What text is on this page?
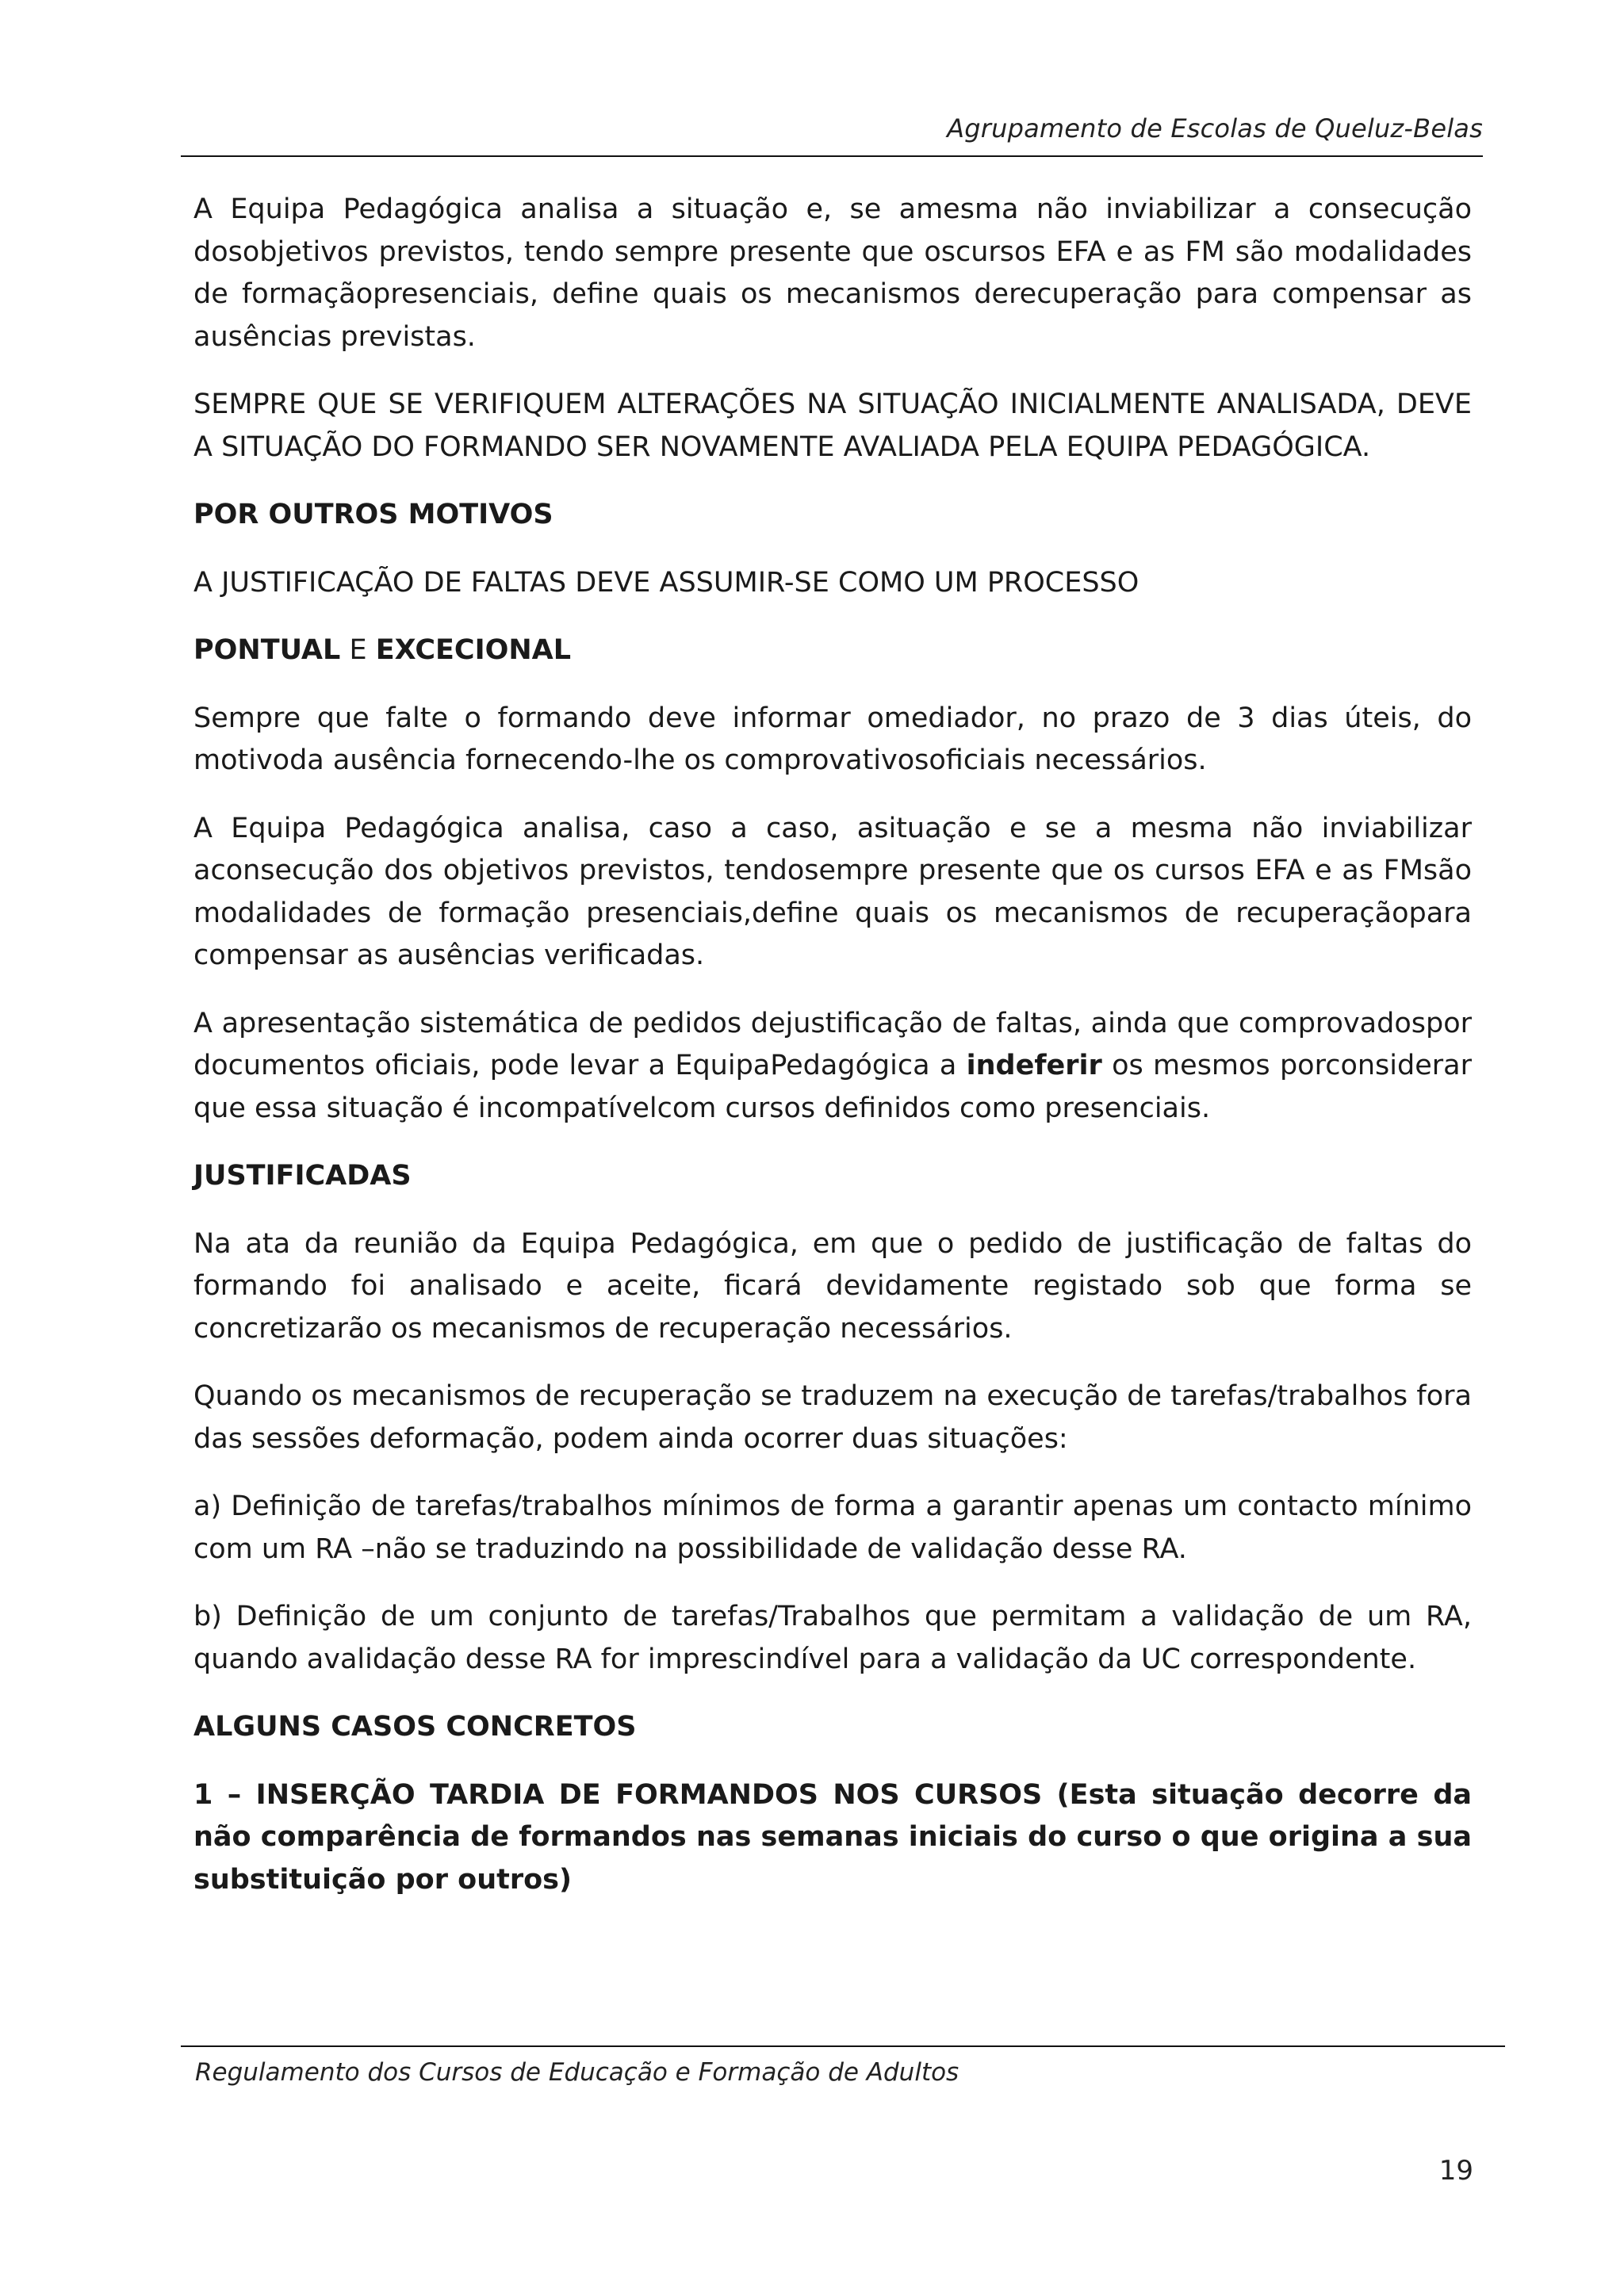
Agrupamento de Escolas de Queluz-Belas

A Equipa Pedagógica analisa a situação e, se amesma não inviabilizar a consecução dosobjetivos previstos, tendo sempre presente que oscursos EFA e as FM são modalidades de formaçãopresenciais, define quais os mecanismos derecuperação para compensar as ausências previstas.

SEMPRE QUE SE VERIFIQUEM ALTERAÇÕES NA SITUAÇÃO INICIALMENTE ANALISADA, DEVE A SITUAÇÃO DO FORMANDO SER NOVAMENTE AVALIADA PELA EQUIPA PEDAGÓGICA.

POR OUTROS MOTIVOS

A JUSTIFICAÇÃO DE FALTAS DEVE ASSUMIR-SE COMO UM PROCESSO

PONTUAL E EXCECIONAL

Sempre que falte o formando deve informar omediador, no prazo de 3 dias úteis, do motivoda ausência fornecendo-lhe os comprovativosoficiais necessários.

A Equipa Pedagógica analisa, caso a caso, asituação e se a mesma não inviabilizar aconsecução dos objetivos previstos, tendosempre presente que os cursos EFA e as FMsão modalidades de formação presenciais,define quais os mecanismos de recuperaçãopara compensar as ausências verificadas.

A apresentação sistemática de pedidos dejustificação de faltas, ainda que comprovadospor documentos oficiais, pode levar a EquipaPedagógica a indeferir os mesmos porconsiderar que essa situação é incompatívelcom cursos definidos como presenciais.

JUSTIFICADAS

Na ata da reunião da Equipa Pedagógica, em que o pedido de justificação de faltas do formando foi analisado e aceite, ficará devidamente registado sob que forma se concretizarão os mecanismos de recuperação necessários.

Quando os mecanismos de recuperação se traduzem na execução de tarefas/trabalhos fora das sessões deformação, podem ainda ocorrer duas situações:

a) Definição de tarefas/trabalhos mínimos de forma a garantir apenas um contacto mínimo com um RA –não se traduzindo na possibilidade de validação desse RA.

b) Definição de um conjunto de tarefas/Trabalhos que permitam a validação de um RA, quando avalidação desse RA for imprescindível para a validação da UC correspondente.

ALGUNS CASOS CONCRETOS

1 – INSERÇÃO TARDIA DE FORMANDOS NOS CURSOS (Esta situação decorre da não comparência de formandos nas semanas iniciais do curso o que origina a sua substituição por outros)

Regulamento dos Cursos de Educação e Formação de Adultos
19
